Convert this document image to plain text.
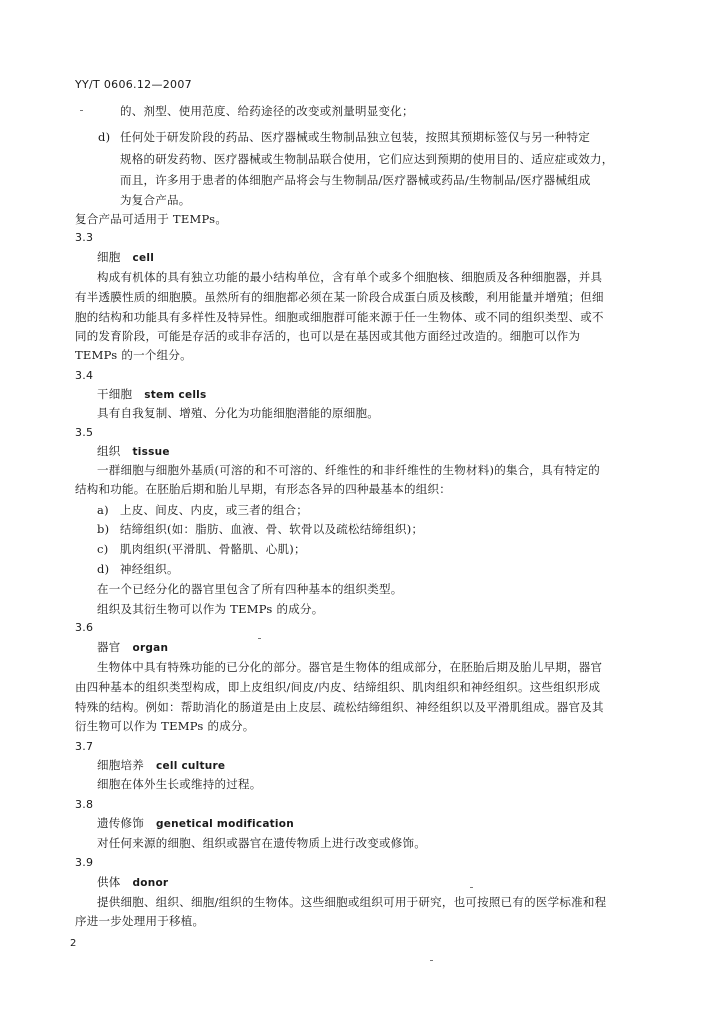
YY/T 0606.12—2007
的、剂型、使用范度、给药途径的改变或剂量明显变化；
d) 任何处于研发阶段的药品、医疗器械或生物制品独立包装，按照其预期标签仅与另一种特定
规格的研发药物、医疗器械或生物制品联合使用，它们应达到预期的使用目的、适应症或效力，
而且，许多用于患者的体细胞产品将会与生物制品/医疗器械或药品/生物制品/医疗器械组成
为复合产品。
复合产品可适用于 TEMPs。
3.3
细胞 cell
构成有机体的具有独立功能的最小结构单位，含有单个或多个细胞核、细胞质及各种细胞器，并具
有半透膜性质的细胞膜。虽然所有的细胞都必须在某一阶段合成蛋白质及核酸，利用能量并增殖；但细
胞的结构和功能具有多样性及特异性。细胞或细胞群可能来源于任一生物体、或不同的组织类型、或不
同的发育阶段，可能是存活的或非存活的，也可以是在基因或其他方面经过改造的。细胞可以作为
TEMPs 的一个组分。
3.4
干细胞 stem cells
具有自我复制、增殖、分化为功能细胞潜能的原细胞。
3.5
组织 tissue
一群细胞与细胞外基质(可溶的和不可溶的、纤维性的和非纤维性的生物材料)的集合，具有特定的
结构和功能。在胚胎后期和胎儿早期，有形态各异的四种最基本的组织：
a) 上皮、间皮、内皮，或三者的组合；
b) 结缔组织(如：脂肪、血液、骨、软骨以及疏松结缔组织)；
c) 肌肉组织(平滑肌、骨骼肌、心肌)；
d) 神经组织。
在一个已经分化的器官里包含了所有四种基本的组织类型。
组织及其衍生物可以作为 TEMPs 的成分。
3.6
器官 organ
生物体中具有特殊功能的已分化的部分。器官是生物体的组成部分，在胚胎后期及胎儿早期，器官
由四种基本的组织类型构成，即上皮组织/间皮/内皮、结缔组织、肌肉组织和神经组织。这些组织形成
特殊的结构。例如：帮助消化的肠道是由上皮层、疏松结缔组织、神经组织以及平滑肌组成。器官及其
衍生物可以作为 TEMPs 的成分。
3.7
细胞培养 cell culture
细胞在体外生长或维持的过程。
3.8
遗传修饰 genetical modification
对任何来源的细胞、组织或器官在遗传物质上进行改变或修饰。
3.9
供体 donor
提供细胞、组织、细胞/组织的生物体。这些细胞或组织可用于研究，也可按照已有的医学标准和程
序进一步处理用于移植。
2
